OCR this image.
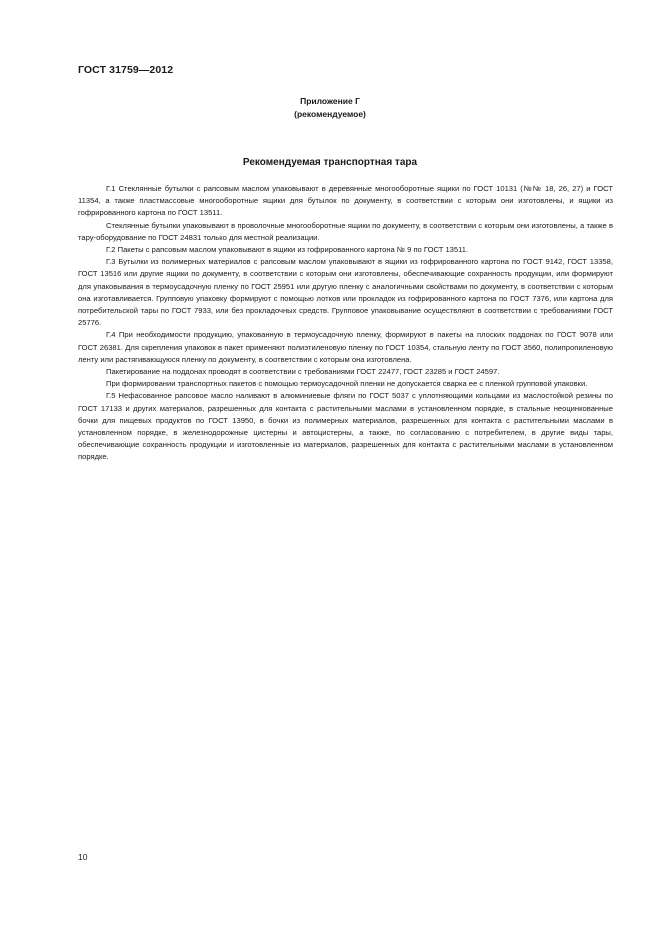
ГОСТ 31759—2012
Приложение Г
(рекомендуемое)
Рекомендуемая транспортная тара

Г.1 Стеклянные бутылки с рапсовым маслом упаковывают в деревянные многооборотные ящики по ГОСТ 10131 (№№ 18, 26, 27) и ГОСТ 11354, а также пластмассовые многооборотные ящики для бутылок по документу, в соответствии с которым они изготовлены, и ящики из гофрированного картона по ГОСТ 13511.

Стеклянные бутылки упаковывают в проволочные многооборотные ящики по документу, в соответствии с которым они изготовлены, а также в тару-оборудование по ГОСТ 24831 только для местной реализации.

Г.2 Пакеты с рапсовым маслом упаковывают в ящики из гофрированного картона № 9 по ГОСТ 13511.

Г.3 Бутылки из полимерных материалов с рапсовым маслом упаковывают в ящики из гофрированного картона по ГОСТ 9142, ГОСТ 13358, ГОСТ 13516 или другие ящики по документу, в соответствии с которым они изготовлены, обеспечивающие сохранность продукции, или формируют для упаковывания в термоусадочную пленку по ГОСТ 25951 или другую пленку с аналогичными свойствами по документу, в соответствии с которым она изготавливается. Групповую упаковку формируют с помощью лотков или прокладок из гофрированного картона по ГОСТ 7376, или картона для потребительской тары по ГОСТ 7933, или без прокладочных средств. Групповое упаковывание осуществляют в соответствии с требованиями ГОСТ 25776.

Г.4 При необходимости продукцию, упакованную в термоусадочную пленку, формируют в пакеты на плоских поддонах по ГОСТ 9078 или ГОСТ 26381. Для скрепления упаковок в пакет применяют полиэтиленовую пленку по ГОСТ 10354, стальную ленту по ГОСТ 3560, полипропиленовую ленту или растягивающуюся пленку по документу, в соответствии с которым она изготовлена.

Пакетирование на поддонах проводят в соответствии с требованиями ГОСТ 22477, ГОСТ 23285 и ГОСТ 24597.

При формировании транспортных пакетов с помощью термоусадочной пленки не допускается сварка ее с пленкой групповой упаковки.

Г.5 Нефасованное рапсовое масло наливают в алюминиевые фляги по ГОСТ 5037 с уплотняющими кольцами из маслостойкой резины по ГОСТ 17133 и других материалов, разрешенных для контакта с растительными маслами в установленном порядке, в стальные неоцинкованные бочки для пищевых продуктов по ГОСТ 13950, в бочки из полимерных материалов, разрешенных для контакта с растительными маслами в установленном порядке, в железнодорожные цистерны и автоцистерны, а также, по согласованию с потребителем, в другие виды тары, обеспечивающие сохранность продукции и изготовленные из материалов, разрешенных для контакта с растительными маслами в установленном порядке.

10
